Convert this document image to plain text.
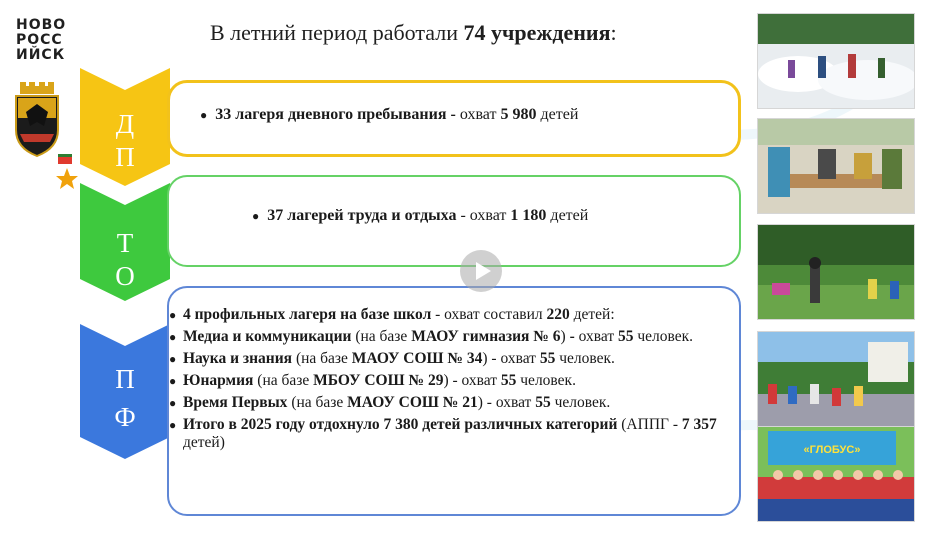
НОВО
РОСС
ИЙСК
В летний период работали 74 учреждения:
Д
П
Т
О
П
Ф
● 33 лагеря дневного пребывания - охват 5 980 детей
● 37 лагерей труда и отдыха - охват 1 180 детей
● 4 профильных лагеря на базе школ - охват составил 220 детей:
● Медиа и коммуникации (на базе МАОУ гимназия № 6) - охват 55 человек.
● Наука и знания (на базе МАОУ СОШ № 34) - охват 55 человек.
● Юнармия (на базе МБОУ СОШ № 29) - охват 55 человек.
● Время Первых (на базе МАОУ СОШ № 21) - охват 55 человек.
● Итого в 2025 году отдохнуло 7 380 детей различных категорий (АППГ - 7 357 детей)	«ГЛОБУС»
